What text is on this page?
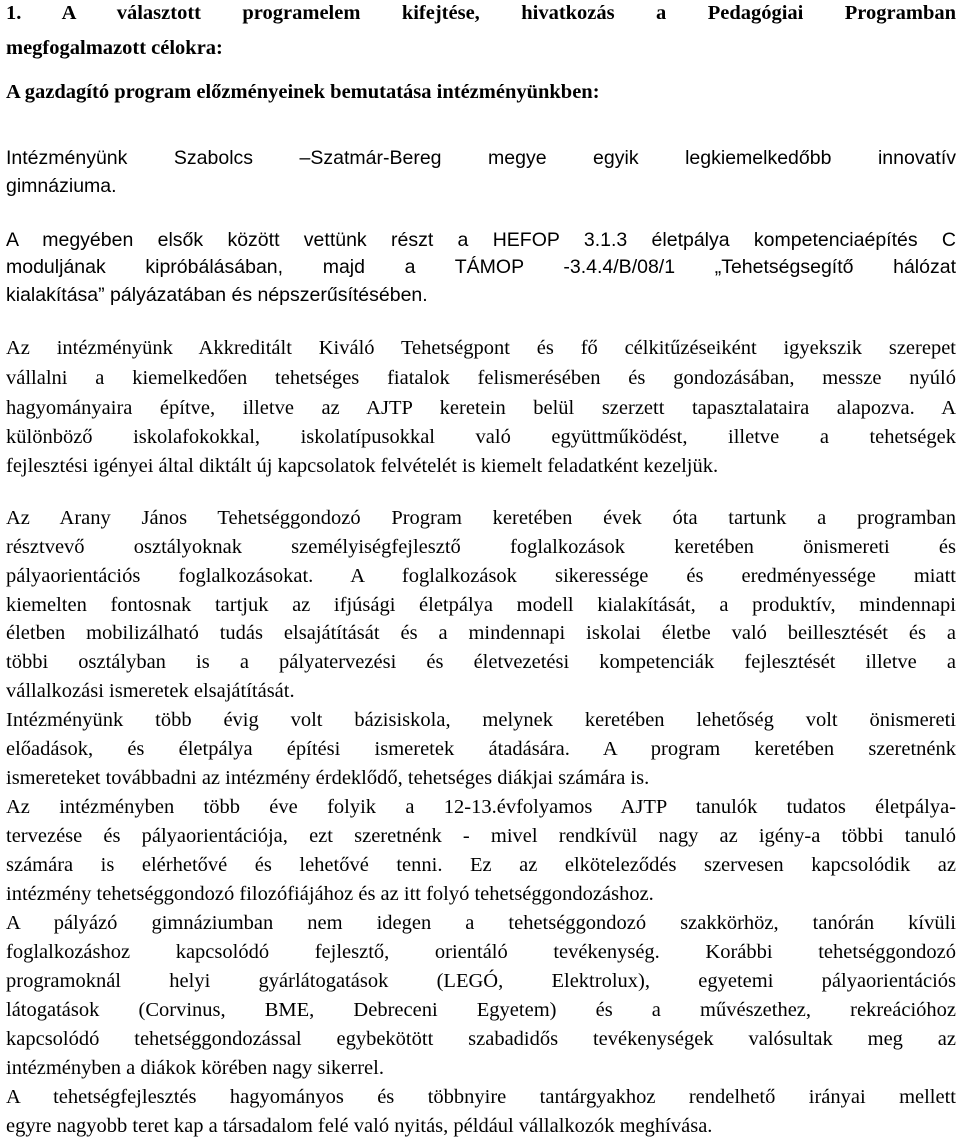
1. A választott programelem kifejtése, hivatkozás a Pedagógiai Programban
megfogalmazott célokra:
A gazdagító program előzményeinek bemutatása intézményünkben:
Intézményünk Szabolcs –Szatmár-Bereg megye egyik legkiemelkedőbb innovatív
gimnáziuma.
A megyében elsők között vettünk részt a HEFOP 3.1.3 életpálya kompetenciaépítés C
moduljának kipróbálásában, majd a TÁMOP -3.4.4/B/08/1 „Tehetségsegítő hálózat
kialakítása” pályázatában és népszerűsítésében.
Az intézményünk Akkreditált Kiváló Tehetségpont és fő célkitűzéseiként igyekszik szerepet
vállalni a kiemelkedően tehetséges fiatalok felismerésében és gondozásában, messze nyúló
hagyományaira építve, illetve az AJTP keretein belül szerzett tapasztalataira alapozva. A
különböző iskolafokokkal, iskolatípusokkal való együttműködést, illetve a tehetségek
fejlesztési igényei által diktált új kapcsolatok felvételét is kiemelt feladatként kezeljük.
Az Arany János Tehetséggondozó Program keretében évek óta tartunk a programban
résztvevő osztályoknak személyiségfejlesztő foglalkozások keretében önismereti és
pályaorientációs foglalkozásokat. A foglalkozások sikeressége és eredményessége miatt
kiemelten fontosnak tartjuk az ifjúsági életpálya modell kialakítását, a produktív, mindennapi
életben mobilizálható tudás elsajátítását és a mindennapi iskolai életbe való beillesztését és a
többi osztályban is a pályatervezési és életvezetési kompetenciák fejlesztését illetve a
vállalkozási ismeretek elsajátítását.
Intézményünk több évig volt bázisiskola, melynek keretében lehetőség volt önismereti
előadások, és életpálya építési ismeretek átadására. A program keretében szeretnénk
ismereteket továbbadni az intézmény érdeklődő, tehetséges diákjai számára is.
Az intézményben több éve folyik a 12-13.évfolyamos AJTP tanulók tudatos életpálya-
tervezése és pályaorientációja, ezt szeretnénk - mivel rendkívül nagy az igény-a többi tanuló
számára is elérhetővé és lehetővé tenni. Ez az elköteleződés szervesen kapcsolódik az
intézmény tehetséggondozó filozófiájához és az itt folyó tehetséggondozáshoz.
A pályázó gimnáziumban nem idegen a tehetséggondozó szakkörhöz, tanórán kívüli
foglalkozáshoz kapcsolódó fejlesztő, orientáló tevékenység. Korábbi tehetséggondozó
programoknál helyi gyárlátogatások (LEGÓ, Elektrolux), egyetemi pályaorientációs
látogatások (Corvinus, BME, Debreceni Egyetem) és a művészethez, rekreációhoz
kapcsolódó tehetséggondozással egybekötött szabadidős tevékenységek valósultak meg az
intézményben a diákok körében nagy sikerrel.
A tehetségfejlesztés hagyományos és többnyire tantárgyakhoz rendelhető irányai mellett
egyre nagyobb teret kap a társadalom felé való nyitás, például vállalkozók meghívása.
